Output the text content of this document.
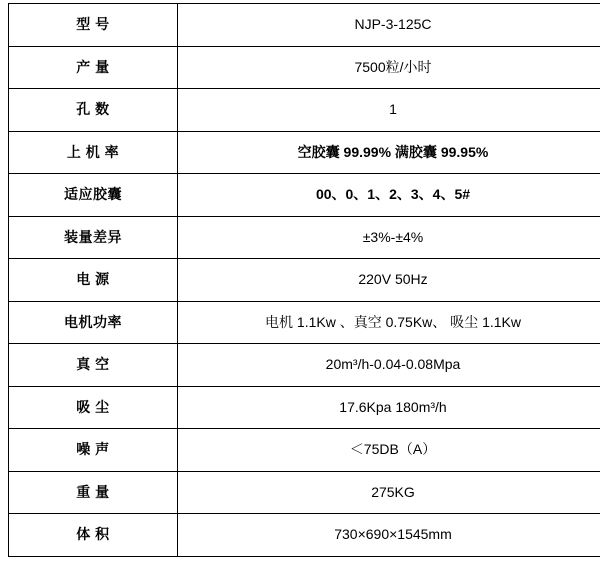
型 号	NJP-3-125C
产 量	7500粒/小时
孔 数	1
上 机 率	空胶囊 99.99% 满胶囊 99.95%
适应胶囊	00、0、1、2、3、4、5#
装量差异	±3%-±4%
电 源	220V 50Hz
电机功率	电机 1.1Kw 、真空 0.75Kw、 吸尘 1.1Kw
真 空	20m³/h-0.04-0.08Mpa
吸 尘	17.6Kpa 180m³/h
噪 声	＜75DB（A）
重 量	275KG
体 积	730×690×1545mm
